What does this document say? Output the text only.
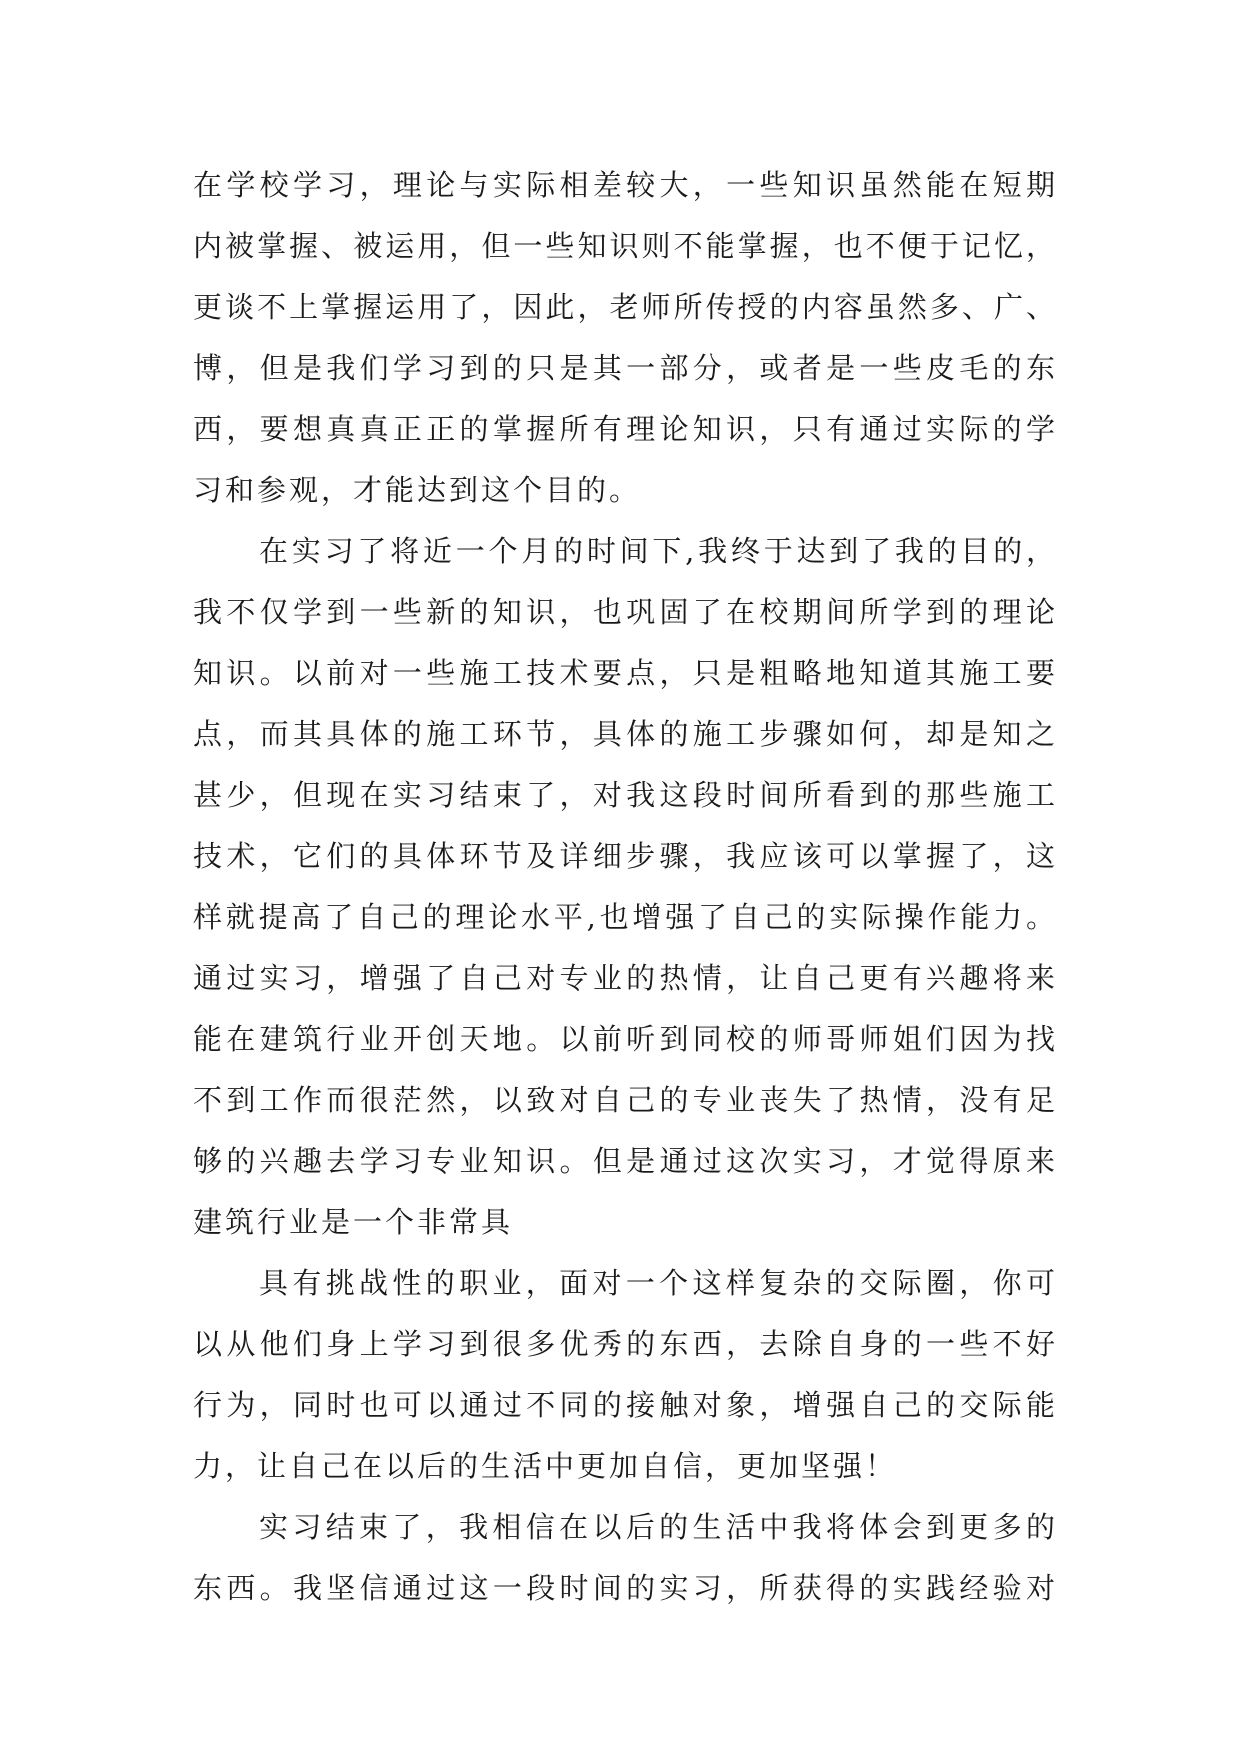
在学校学习，理论与实际相差较大，一些知识虽然能在短期
内被掌握、被运用，但一些知识则不能掌握，也不便于记忆，
更谈不上掌握运用了，因此，老师所传授的内容虽然多、广、
博，但是我们学习到的只是其一部分，或者是一些皮毛的东
西，要想真真正正的掌握所有理论知识，只有通过实际的学
习和参观，才能达到这个目的。
在实习了将近一个月的时间下,我终于达到了我的目的，
我不仅学到一些新的知识，也巩固了在校期间所学到的理论
知识。以前对一些施工技术要点，只是粗略地知道其施工要
点，而其具体的施工环节，具体的施工步骤如何，却是知之
甚少，但现在实习结束了，对我这段时间所看到的那些施工
技术，它们的具体环节及详细步骤，我应该可以掌握了，这
样就提高了自己的理论水平,也增强了自己的实际操作能力。
通过实习，增强了自己对专业的热情，让自己更有兴趣将来
能在建筑行业开创天地。以前听到同校的师哥师姐们因为找
不到工作而很茫然，以致对自己的专业丧失了热情，没有足
够的兴趣去学习专业知识。但是通过这次实习，才觉得原来
建筑行业是一个非常具
具有挑战性的职业，面对一个这样复杂的交际圈，你可
以从他们身上学习到很多优秀的东西，去除自身的一些不好
行为，同时也可以通过不同的接触对象，增强自己的交际能
力，让自己在以后的生活中更加自信，更加坚强！
实习结束了，我相信在以后的生活中我将体会到更多的
东西。我坚信通过这一段时间的实习，所获得的实践经验对
